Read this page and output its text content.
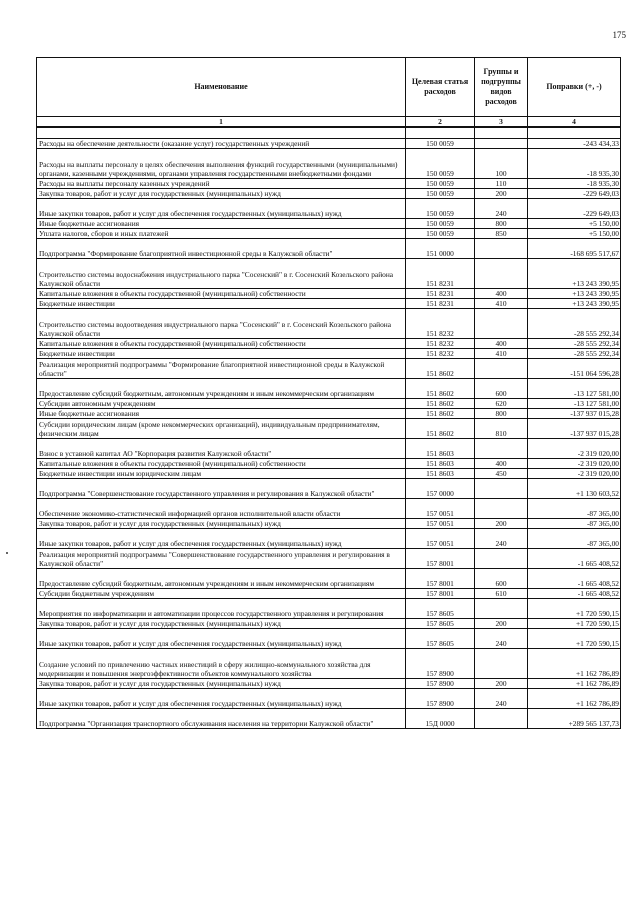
175
Наименование	Целевая статья расходов	Группы и подгруппы видов расходов	Поправки (+, -)
1	2	3	4

Расходы на обеспечение деятельности (оказание услуг) государственных учреждений	150 0059		-243 434,33
Расходы на выплаты персоналу в целях обеспечения выполнения функций государственными (муниципальными) органами, казенными учреждениями, органами управления государственными внебюджетными фондами	150 0059	100	-18 935,30
Расходы на выплаты персоналу казенных учреждений	150 0059	110	-18 935,30
Закупка товаров, работ и услуг для государственных (муниципальных) нужд	150 0059	200	-229 649,03
Иные закупки товаров, работ и услуг для обеспечения государственных (муниципальных) нужд	150 0059	240	-229 649,03
Иные бюджетные ассигнования	150 0059	800	+5 150,00
Уплата налогов, сборов и иных платежей	150 0059	850	+5 150,00
Подпрограмма "Формирование благоприятной инвестиционной среды в Калужской области"	151 0000		-168 695 517,67
Строительство системы водоснабжения индустриального парка "Сосенский" в г. Сосенский Козельского района Калужской области	151 8231		+13 243 390,95
Капитальные вложения в объекты государственной (муниципальной) собственности	151 8231	400	+13 243 390,95
Бюджетные инвестиции	151 8231	410	+13 243 390,95
Строительство системы водоотведения индустриального парка "Сосенский" в г. Сосенский Козельского района Калужской области	151 8232		-28 555 292,34
Капитальные вложения в объекты государственной (муниципальной) собственности	151 8232	400	-28 555 292,34
Бюджетные инвестиции	151 8232	410	-28 555 292,34
Реализация мероприятий подпрограммы "Формирование благоприятной инвестиционной среды в Калужской области"	151 8602		-151 064 596,28
Предоставление субсидий бюджетным, автономным учреждениям и иным некоммерческим организациям	151 8602	600	-13 127 581,00
Субсидии автономным учреждениям	151 8602	620	-13 127 581,00
Иные бюджетные ассигнования	151 8602	800	-137 937 015,28
Субсидии юридическим лицам (кроме некоммерческих организаций), индивидуальным предпринимателям, физическим лицам	151 8602	810	-137 937 015,28
Взнос в уставной капитал АО "Корпорация развития Калужской области"	151 8603		-2 319 020,00
Капитальные вложения в объекты государственной (муниципальной) собственности	151 8603	400	-2 319 020,00
Бюджетные инвестиции иным юридическим лицам	151 8603	450	-2 319 020,00
Подпрограмма "Совершенствование государственного управления и регулирования в Калужской области"	157 0000		+1 130 603,52
Обеспечение экономико-статистической информацией органов исполнительной власти области	157 0051		-87 365,00
Закупка товаров, работ и услуг для государственных (муниципальных) нужд	157 0051	200	-87 365,00
Иные закупки товаров, работ и услуг для обеспечения государственных (муниципальных) нужд	157 0051	240	-87 365,00
Реализация мероприятий подпрограммы "Совершенствование государственного управления и регулирования в Калужской области"	157 8001		-1 665 408,52
Предоставление субсидий бюджетным, автономным учреждениям и иным некоммерческим организациям	157 8001	600	-1 665 408,52
Субсидии бюджетным учреждениям	157 8001	610	-1 665 408,52
Мероприятия по информатизации и автоматизации процессов государственного управления и регулирования	157 8605		+1 720 590,15
Закупка товаров, работ и услуг для государственных (муниципальных) нужд	157 8605	200	+1 720 590,15
Иные закупки товаров, работ и услуг для обеспечения государственных (муниципальных) нужд	157 8605	240	+1 720 590,15
Создание условий по привлечению частных инвестиций в сферу жилищно-коммунального хозяйства для модернизации и повышения энергоэффективности объектов коммунального хозяйства	157 8900		+1 162 786,89
Закупка товаров, работ и услуг для государственных (муниципальных) нужд	157 8900	200	+1 162 786,89
Иные закупки товаров, работ и услуг для обеспечения государственных (муниципальных) нужд	157 8900	240	+1 162 786,89
Подпрограмма "Организация транспортного обслуживания населения на территории Калужской области"	15Д 0000		+289 565 137,73
